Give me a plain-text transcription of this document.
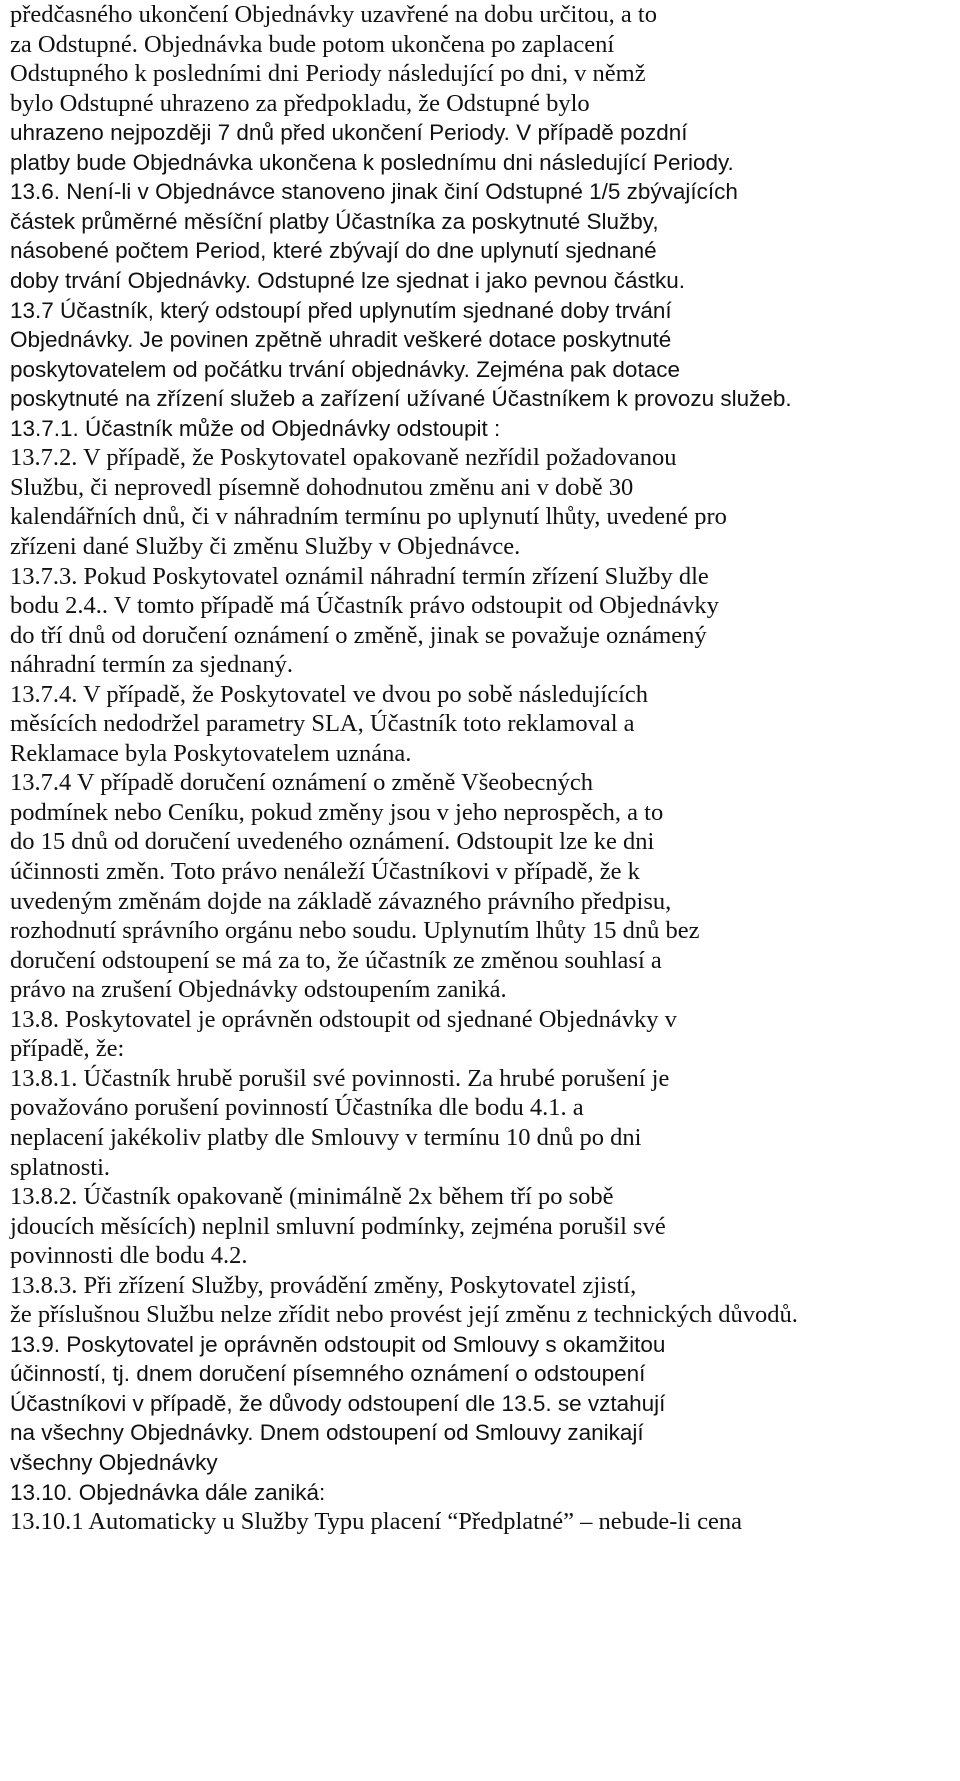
předčasného ukončení Objednávky uzavřené na dobu určitou, a to
za Odstupné. Objednávka bude potom ukončena po zaplacení
Odstupného k posledními dni Periody následující po dni, v němž
bylo Odstupné uhrazeno za předpokladu, že Odstupné bylo
uhrazeno nejpozději 7 dnů před ukončení Periody. V případě pozdní
platby bude Objednávka ukončena k poslednímu dni následující Periody.
13.6. Není-li v Objednávce stanoveno jinak činí Odstupné 1/5 zbývajících
částek průměrné měsíční platby Účastníka za poskytnuté Služby,
násobené počtem Period, které zbývají do dne uplynutí sjednané
doby trvání Objednávky. Odstupné lze sjednat i jako pevnou částku.
13.7 Účastník, který odstoupí před uplynutím sjednané doby trvání
Objednávky. Je povinen zpětně uhradit veškeré dotace poskytnuté
poskytovatelem od počátku trvání objednávky. Zejména pak dotace
poskytnuté na zřízení služeb a zařízení užívané Účastníkem k provozu služeb.
13.7.1. Účastník může od Objednávky odstoupit :
13.7.2. V případě, že Poskytovatel opakovaně nezřídil požadovanou
Službu, či neprovedl písemně dohodnutou změnu ani v době 30
kalendářních dnů, či v náhradním termínu po uplynutí lhůty, uvedené pro
zřízeni dané Služby či změnu Služby v Objednávce.
13.7.3. Pokud Poskytovatel oznámil náhradní termín zřízení Služby dle
bodu 2.4.. V tomto případě má Účastník právo odstoupit od Objednávky
do tří dnů od doručení oznámení o změně, jinak se považuje oznámený
náhradní termín za sjednaný.
13.7.4. V případě, že Poskytovatel ve dvou po sobě následujících
měsících nedodržel parametry SLA, Účastník toto reklamoval a
Reklamace byla Poskytovatelem uznána.
13.7.4 V případě doručení oznámení o změně Všeobecných
podmínek nebo Ceníku, pokud změny jsou v jeho neprospěch, a to
do 15 dnů od doručení uvedeného oznámení. Odstoupit lze ke dni
účinnosti změn. Toto právo nenáleží Účastníkovi v případě, že k
uvedeným změnám dojde na základě závazného právního předpisu,
rozhodnutí správního orgánu nebo soudu. Uplynutím lhůty 15 dnů bez
doručení odstoupení se má za to, že účastník ze změnou souhlasí a
právo na zrušení Objednávky odstoupením zaniká.
13.8. Poskytovatel je oprávněn odstoupit od sjednané Objednávky v
případě, že:
13.8.1. Účastník hrubě porušil své povinnosti. Za hrubé porušení je
považováno porušení povinností Účastníka dle bodu 4.1. a
neplacení jakékoliv platby dle Smlouvy v termínu 10 dnů po dni
splatnosti.
13.8.2. Účastník opakovaně (minimálně 2x během tří po sobě
jdoucích měsících) neplnil smluvní podmínky, zejména porušil své
povinnosti dle bodu 4.2.
13.8.3. Při zřízení Služby, provádění změny, Poskytovatel zjistí,
že příslušnou Službu nelze zřídit nebo provést její změnu z technických důvodů.
13.9. Poskytovatel je oprávněn odstoupit od Smlouvy s okamžitou
účinností, tj. dnem doručení písemného oznámení o odstoupení
Účastníkovi v případě, že důvody odstoupení dle 13.5. se vztahují
na všechny Objednávky. Dnem odstoupení od Smlouvy zanikají
všechny Objednávky
13.10. Objednávka dále zaniká:
13.10.1 Automaticky u Služby Typu placení “Předplatné” – nebude-li cena
